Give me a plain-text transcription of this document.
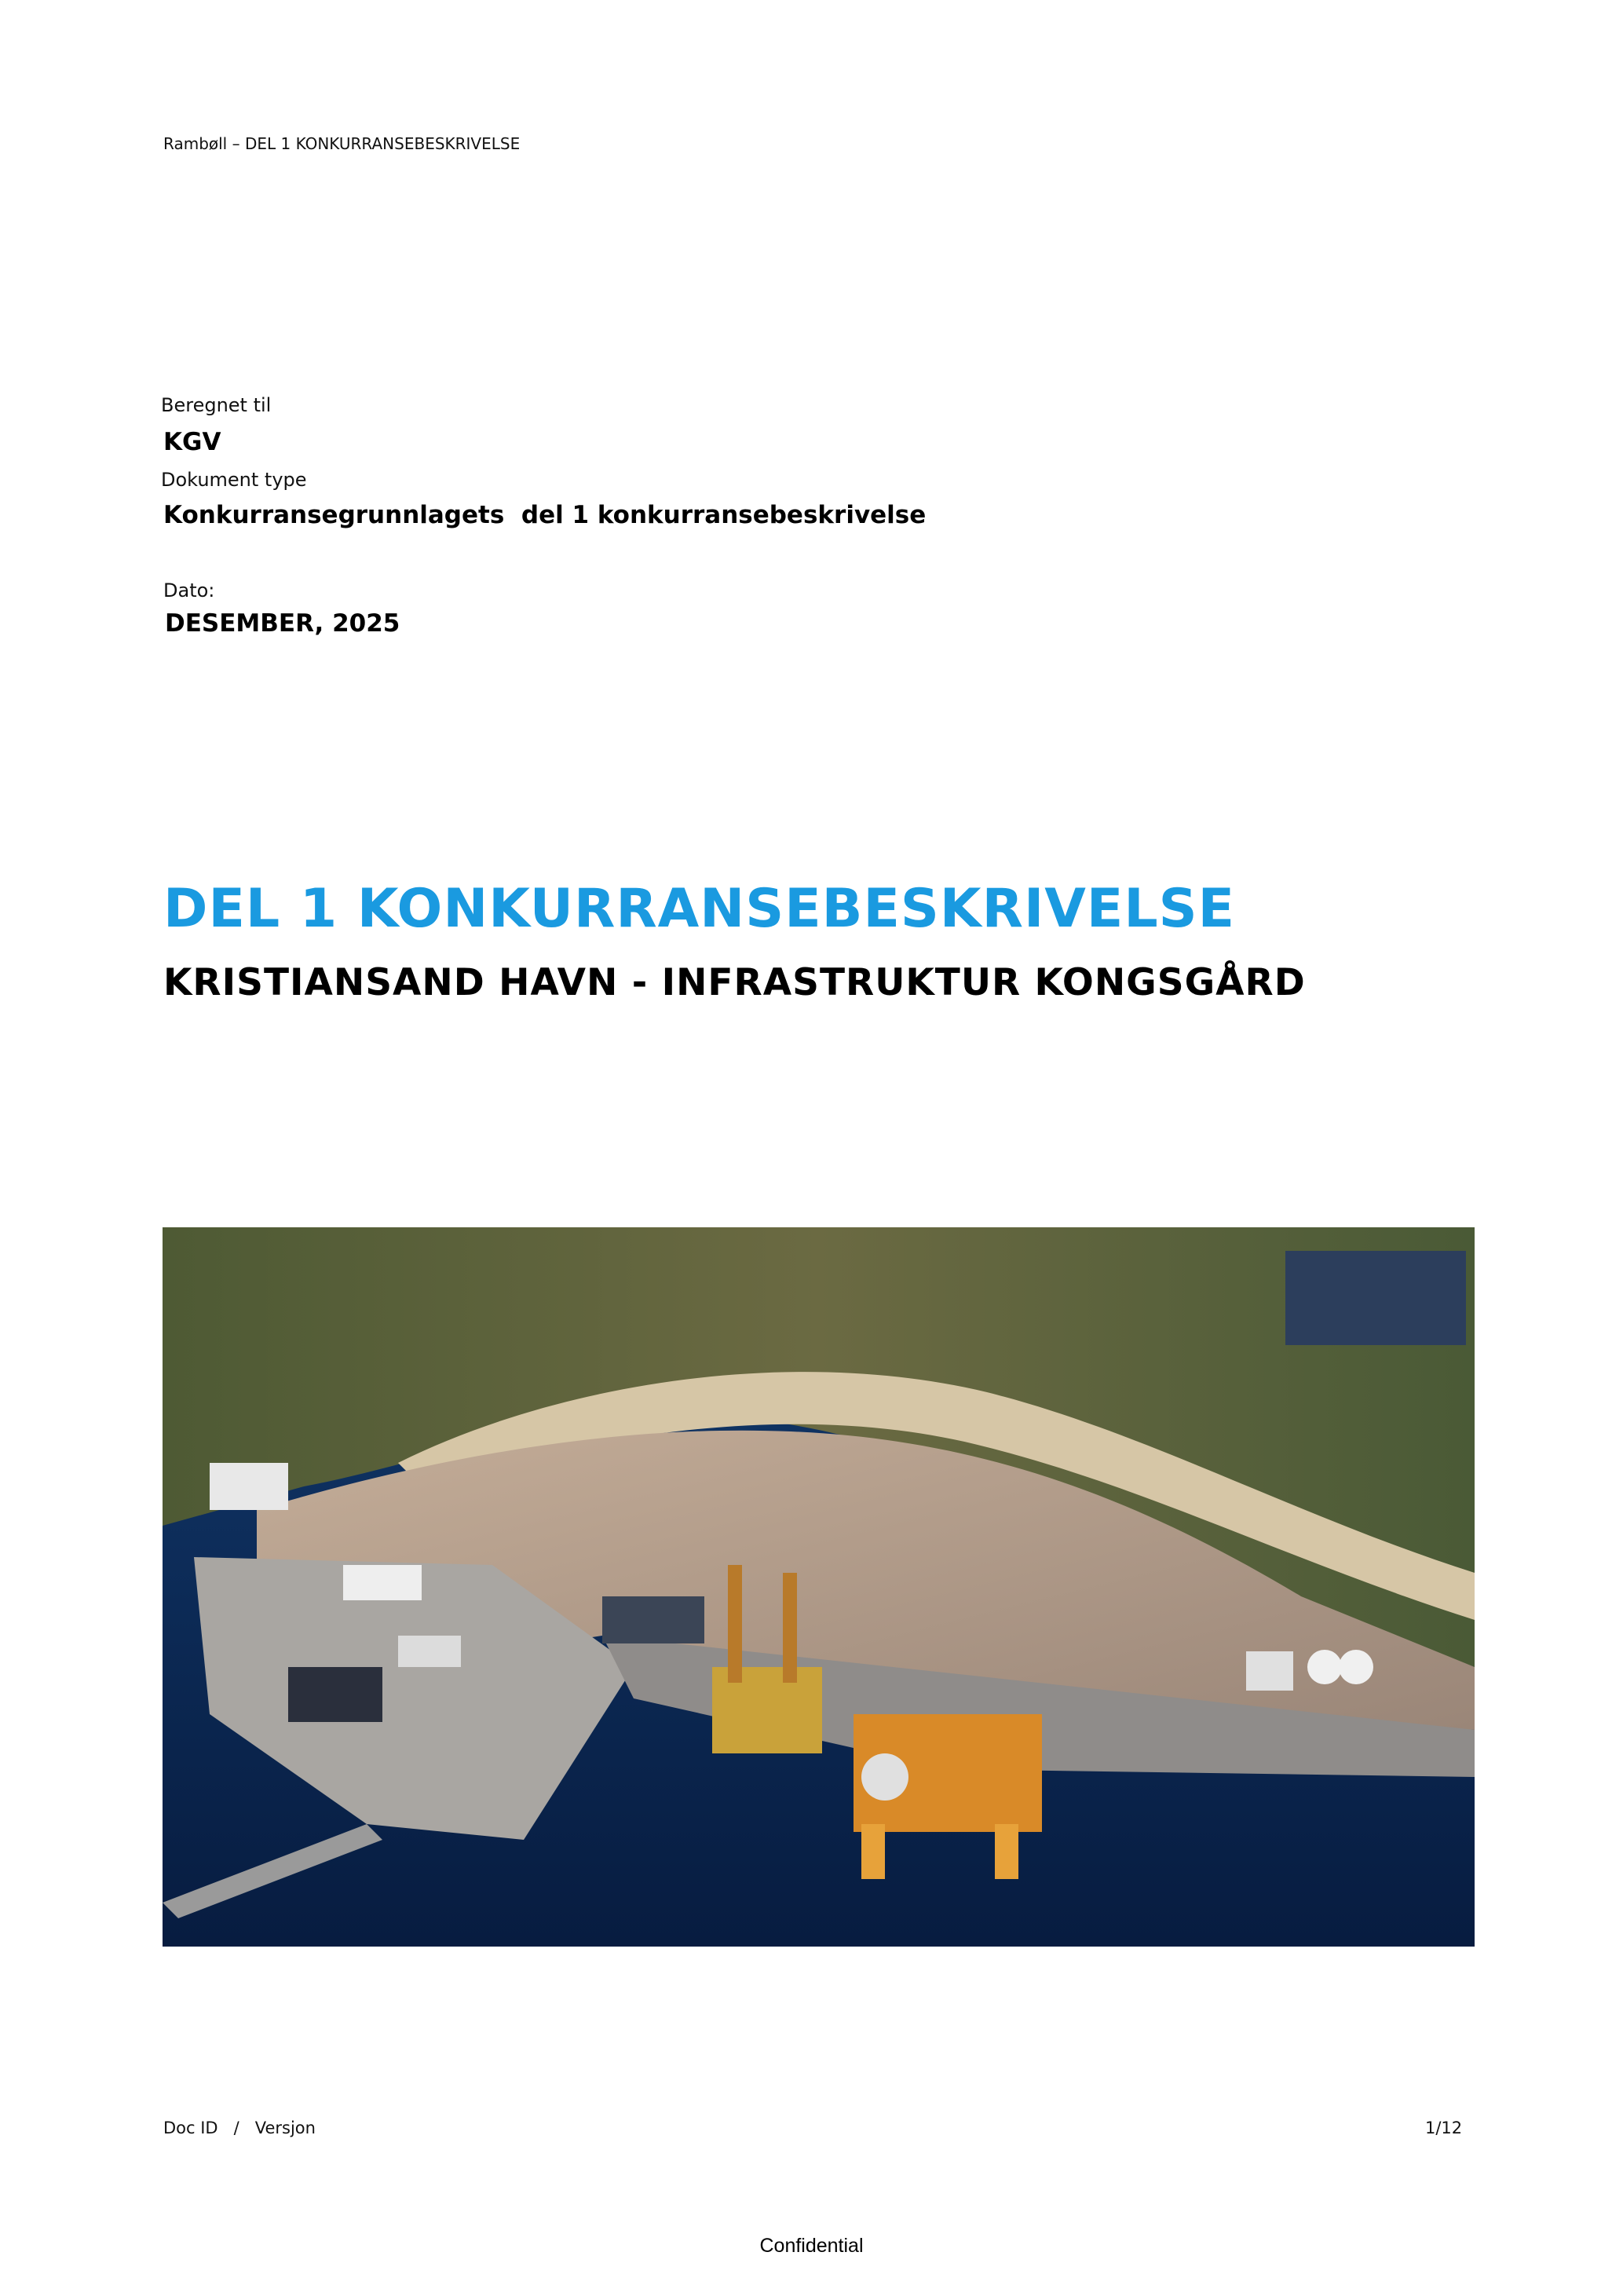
Rambøll – DEL 1 KONKURRANSEBESKRIVELSE
Beregnet til
KGV
Dokument type
Konkurransegrunnlagets  del 1 konkurransebeskrivelse
Dato:
DESEMBER, 2025
DEL 1 KONKURRANSEBESKRIVELSE
KRISTIANSAND HAVN - INFRASTRUKTUR KONGSGÅRD
Doc ID   /   Versjon	1/12
Confidential
